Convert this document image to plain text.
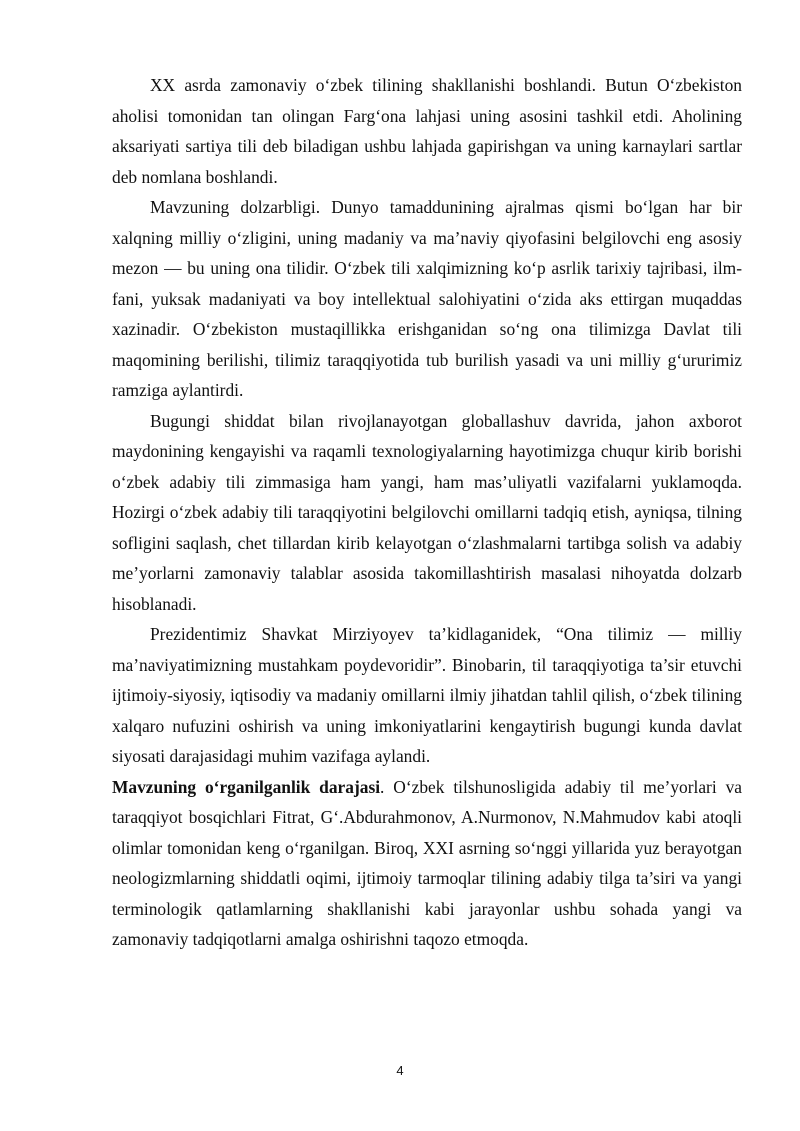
XX asrda zamonaviy o‘zbek tilining shakllanishi boshlandi. Butun O‘zbekiston aholisi tomonidan tan olingan Farg‘ona lahjasi uning asosini tashkil etdi. Aholining aksariyati sartiya tili deb biladigan ushbu lahjada gapirishgan va uning karnaylari sartlar deb nomlana boshlandi.

Mavzuning dolzarbligi. Dunyo tamaddunining ajralmas qismi bo‘lgan har bir xalqning milliy o‘zligini, uning madaniy va ma’naviy qiyofasini belgilovchi eng asosiy mezon — bu uning ona tilidir. O‘zbek tili xalqimizning ko‘p asrlik tarixiy tajribasi, ilm-fani, yuksak madaniyati va boy intellektual salohiyatini o‘zida aks ettirgan muqaddas xazinadir. O‘zbekiston mustaqillikka erishganidan so‘ng ona tilimizga Davlat tili maqomining berilishi, tilimiz taraqqiyotida tub burilish yasadi va uni milliy g‘ururimiz ramziga aylantirdi.

Bugungi shiddat bilan rivojlanayotgan globallashuv davrida, jahon axborot maydonining kengayishi va raqamli texnologiyalarning hayotimizga chuqur kirib borishi o‘zbek adabiy tili zimmasiga ham yangi, ham mas’uliyatli vazifalarni yuklamoqda. Hozirgi o‘zbek adabiy tili taraqqiyotini belgilovchi omillarni tadqiq etish, ayniqsa, tilning sofligini saqlash, chet tillardan kirib kelayotgan o‘zlashmalarni tartibga solish va adabiy me’yorlarni zamonaviy talablar asosida takomillashtirish masalasi nihoyatda dolzarb hisoblanadi.

Prezidentimiz Shavkat Mirziyoyev ta’kidlaganidek, “Ona tilimiz — milliy ma’naviyatimizning mustahkam poydevoridir”. Binobarin, til taraqqiyotiga ta’sir etuvchi ijtimoiy-siyosiy, iqtisodiy va madaniy omillarni ilmiy jihatdan tahlil qilish, o‘zbek tilining xalqaro nufuzini oshirish va uning imkoniyatlarini kengaytirish bugungi kunda davlat siyosati darajasidagi muhim vazifaga aylandi.

Mavzuning o‘rganilganlik darajasi. O‘zbek tilshunosligida adabiy til me’yorlari va taraqqiyot bosqichlari Fitrat, G‘.Abdurahmonov, A.Nurmonov, N.Mahmudov kabi atoqli olimlar tomonidan keng o‘rganilgan. Biroq, XXI asrning so‘nggi yillarida yuz berayotgan neologizmlarning shiddatli oqimi, ijtimoiy tarmoqlar tilining adabiy tilga ta’siri va yangi terminologik qatlamlarning shakllanishi kabi jarayonlar ushbu sohada yangi va zamonaviy tadqiqotlarni amalga oshirishni taqozo etmoqda.

4
